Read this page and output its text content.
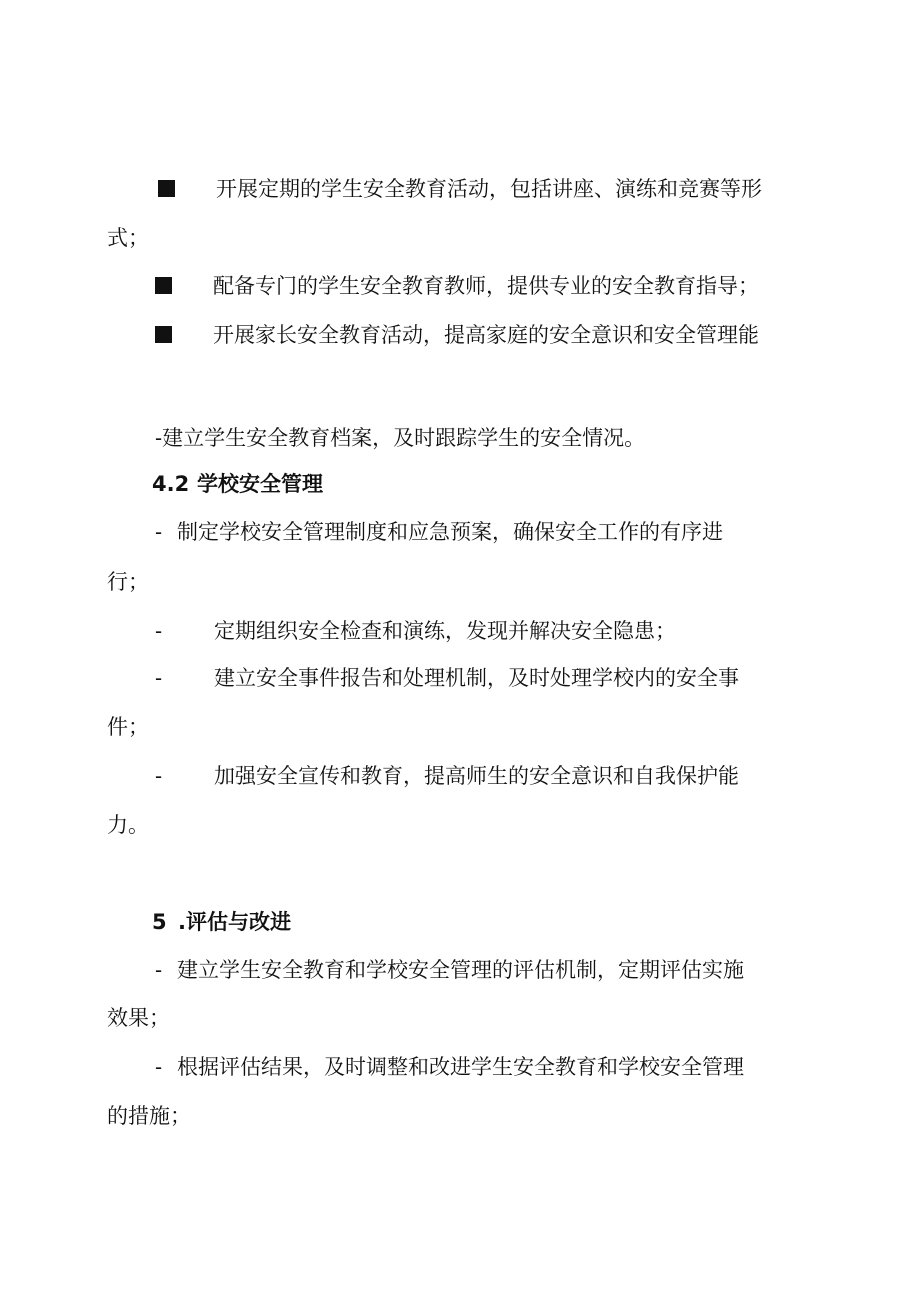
开展定期的学生安全教育活动，包括讲座、演练和竞赛等形
式；
配备专门的学生安全教育教师，提供专业的安全教育指导；
开展家长安全教育活动，提高家庭的安全意识和安全管理能
-建立学生安全教育档案，及时跟踪学生的安全情况。
4.2 学校安全管理
- 制定学校安全管理制度和应急预案，确保安全工作的有序进
行；
- 定期组织安全检查和演练，发现并解决安全隐患；
- 建立安全事件报告和处理机制，及时处理学校内的安全事
件；
- 加强安全宣传和教育，提高师生的安全意识和自我保护能
力。
5 .评估与改进
- 建立学生安全教育和学校安全管理的评估机制，定期评估实施
效果；
- 根据评估结果，及时调整和改进学生安全教育和学校安全管理
的措施；
